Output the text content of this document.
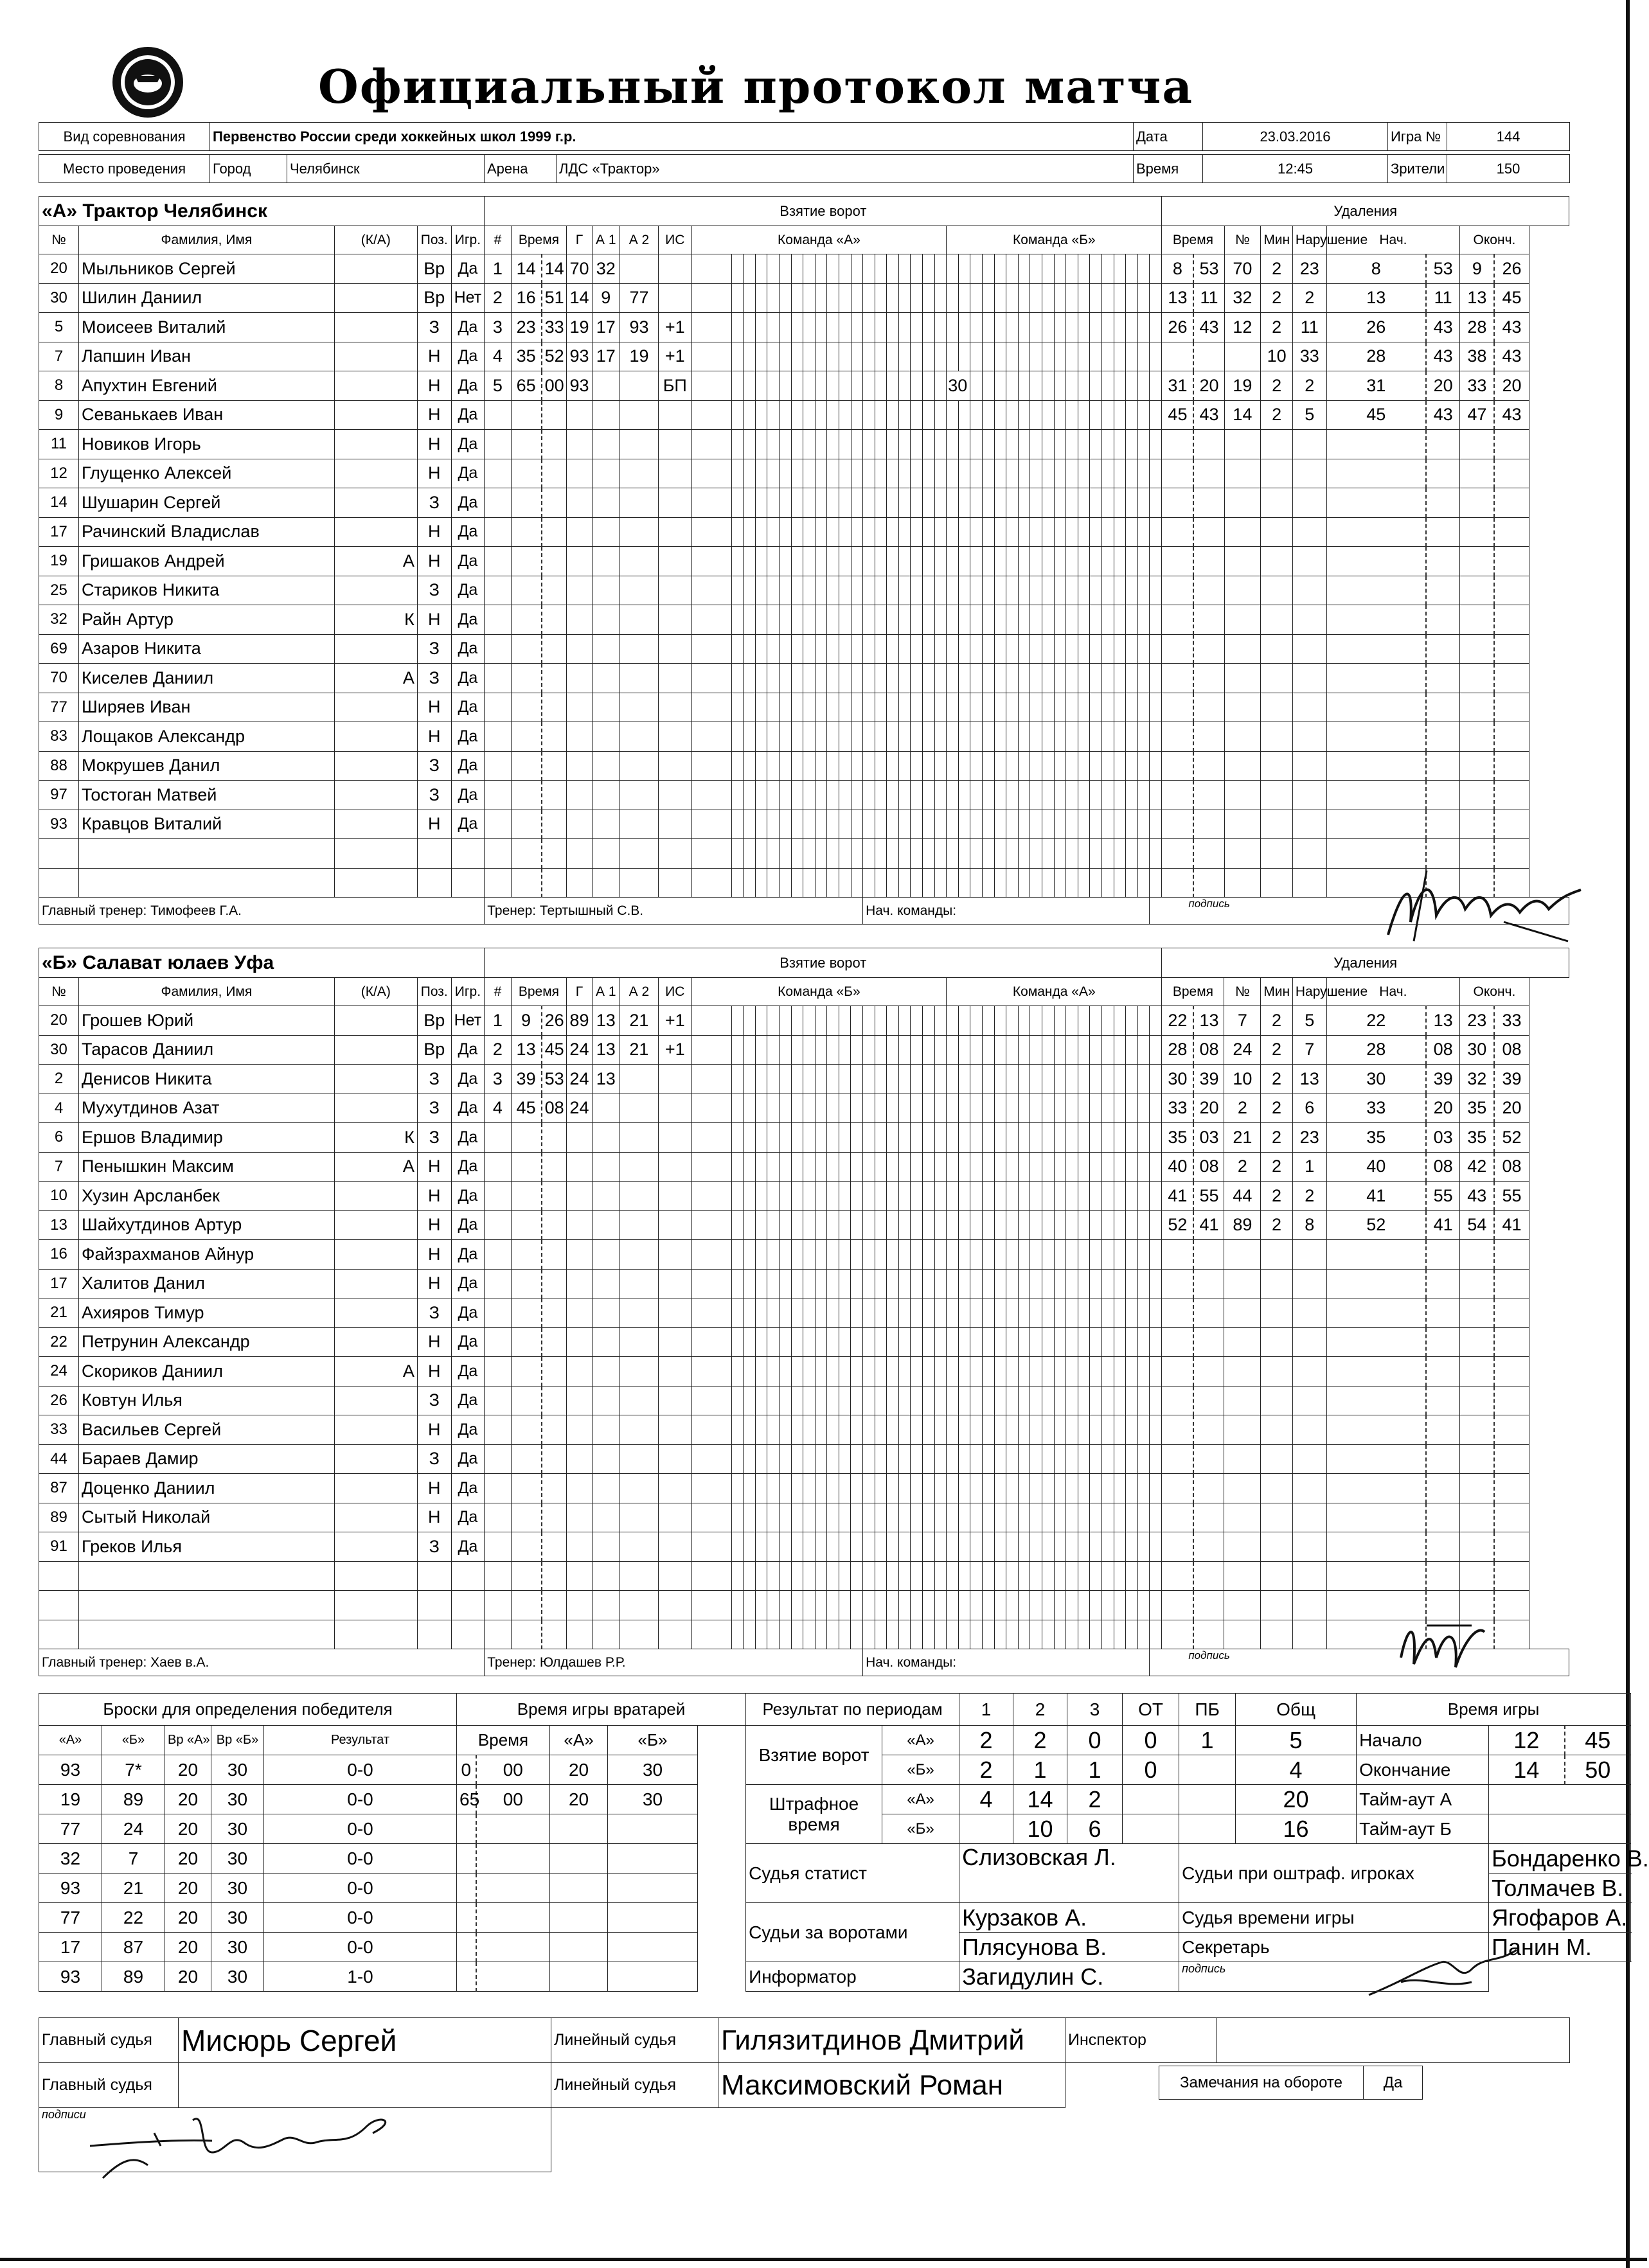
Официальный протокол матча
Вид соревнования	Первенство России среди хоккейных школ 1999 г.р.	Дата	23.03.2016	Игра №	144
Место проведения	Город	Челябинск	Арена	ЛДС «Трактор»	Время	12:45	Зрители	150
«А» Трактор Челябинск					Взятие ворот																																												Удаления								
№	Фамилия, Имя	(К/А)	Поз.	Игр.	#	Время		Г	А 1	А 2	ИС	Команда «А»																			Команда «Б»																		Время		№	Мин	Нарушение	Нач.		Оконч.	
20	Мыльников Сергей		Вр	Да	1	14	14	70	32																																								8	53	70	2	23	8	53	9	26
30	Шилин Даниил		Вр	Нет	2	16	51	14	9	77																																							13	11	32	2	2	13	11	13	45
5	Моисеев Виталий		З	Да	3	23	33	19	17	93	+1																																						26	43	12	2	11	26	43	28	43
7	Лапшин Иван		Н	Да	4	35	52	93	17	19	+1																																									10	33	28	43	38	43
8	Апухтин Евгений		Н	Да	5	65	00	93			БП																				30																		31	20	19	2	2	31	20	33	20
9	Севанькаев Иван		Н	Да																																													45	43	14	2	5	45	43	47	43
11	Новиков Игорь		Н	Да																																																					
12	Глущенко Алексей		Н	Да																																																					
14	Шушарин Сергей		З	Да																																																					
17	Рачинский Владислав		Н	Да																																																					
19	Гришаков Андрей	А	Н	Да																																																					
25	Стариков Никита		З	Да																																																					
32	Райн Артур	К	Н	Да																																																					
69	Азаров Никита		З	Да																																																					
70	Киселев Даниил	А	З	Да																																																					
77	Ширяев Иван		Н	Да																																																					
83	Лощаков Александр		Н	Да																																																					
88	Мокрушев Данил		З	Да																																																					
97	Тостоган Матвей		З	Да																																																					
93	Кравцов Виталий		Н	Да																																																					

Главный тренер: Тимофеев Г.А.					Тренер: Тертышный С.В.																			Нач. команды:																								подпись									
«Б» Салават юлаев Уфа					Взятие ворот																																												Удаления								
№	Фамилия, Имя	(К/А)	Поз.	Игр.	#	Время		Г	А 1	А 2	ИС	Команда «Б»																			Команда «А»																		Время		№	Мин	Нарушение	Нач.		Оконч.	
20	Грошев Юрий		Вр	Нет	1	9	26	89	13	21	+1																																						22	13	7	2	5	22	13	23	33
30	Тарасов Даниил		Вр	Да	2	13	45	24	13	21	+1																																						28	08	24	2	7	28	08	30	08
2	Денисов Никита		З	Да	3	39	53	24	13																																								30	39	10	2	13	30	39	32	39
4	Мухутдинов Азат		З	Да	4	45	08	24																																									33	20	2	2	6	33	20	35	20
6	Ершов Владимир	К	З	Да																																													35	03	21	2	23	35	03	35	52
7	Пенышкин Максим	А	Н	Да																																													40	08	2	2	1	40	08	42	08
10	Хузин Арсланбек		Н	Да																																													41	55	44	2	2	41	55	43	55
13	Шайхутдинов Артур		Н	Да																																													52	41	89	2	8	52	41	54	41
16	Файзрахманов Айнур		Н	Да																																																					
17	Халитов Данил		Н	Да																																																					
21	Ахияров Тимур		З	Да																																																					
22	Петрунин Александр		Н	Да																																																					
24	Скориков Даниил	А	Н	Да																																																					
26	Ковтун Илья		З	Да																																																					
33	Васильев Сергей		Н	Да																																																					
44	Бараев Дамир		З	Да																																																					
87	Доценко Даниил		Н	Да																																																					
89	Сытый Николай		Н	Да																																																					
91	Греков Илья		З	Да																																																					

Главный тренер: Хаев в.А.					Тренер: Юлдашев Р.Р.																			Нач. команды:																								подпись									
Броски для определения победителя					Время игры вратарей					Результат по периодам		1	2	3	ОТ	ПБ	Общ	Время игры		
«А»	«Б»	Вр «А»	Вр «Б»	Результат	Время		«А»	«Б»		Взятие ворот	«А»	2	2	0	0	1	5	Начало	12	45
93	7*	20	30	0-0	0	00	20	30			«Б»	2	1	1	0		4	Окончание	14	50
19	89	20	30	0-0	65	00	20	30		Штрафное время	«А»	4	14	2			20	Тайм-аут А		
77	24	20	30	0-0							«Б»		10	6			16	Тайм-аут Б		
32	7	20	30	0-0						Судья статист		Слизовская Л.				Судьи при оштраф. игроках			Бондаренко В.	
93	21	20	30	0-0															Толмачев В.	
77	22	20	30	0-0						Судьи за воротами		Курзаков А.				Судья времени игры			Ягофаров А.	
17	87	20	30	0-0								Плясунова В.				Секретарь			Панин М.	
93	89	20	30	1-0						Информатор		Загидулин С.				подпись				
Главный судья	Мисюрь Сергей	Линейный судья	Гилязитдинов Дмитрий	Инспектор	
Главный судья		Линейный судья	Максимовский Роман		
подписи					
Замечания на обороте	Да
